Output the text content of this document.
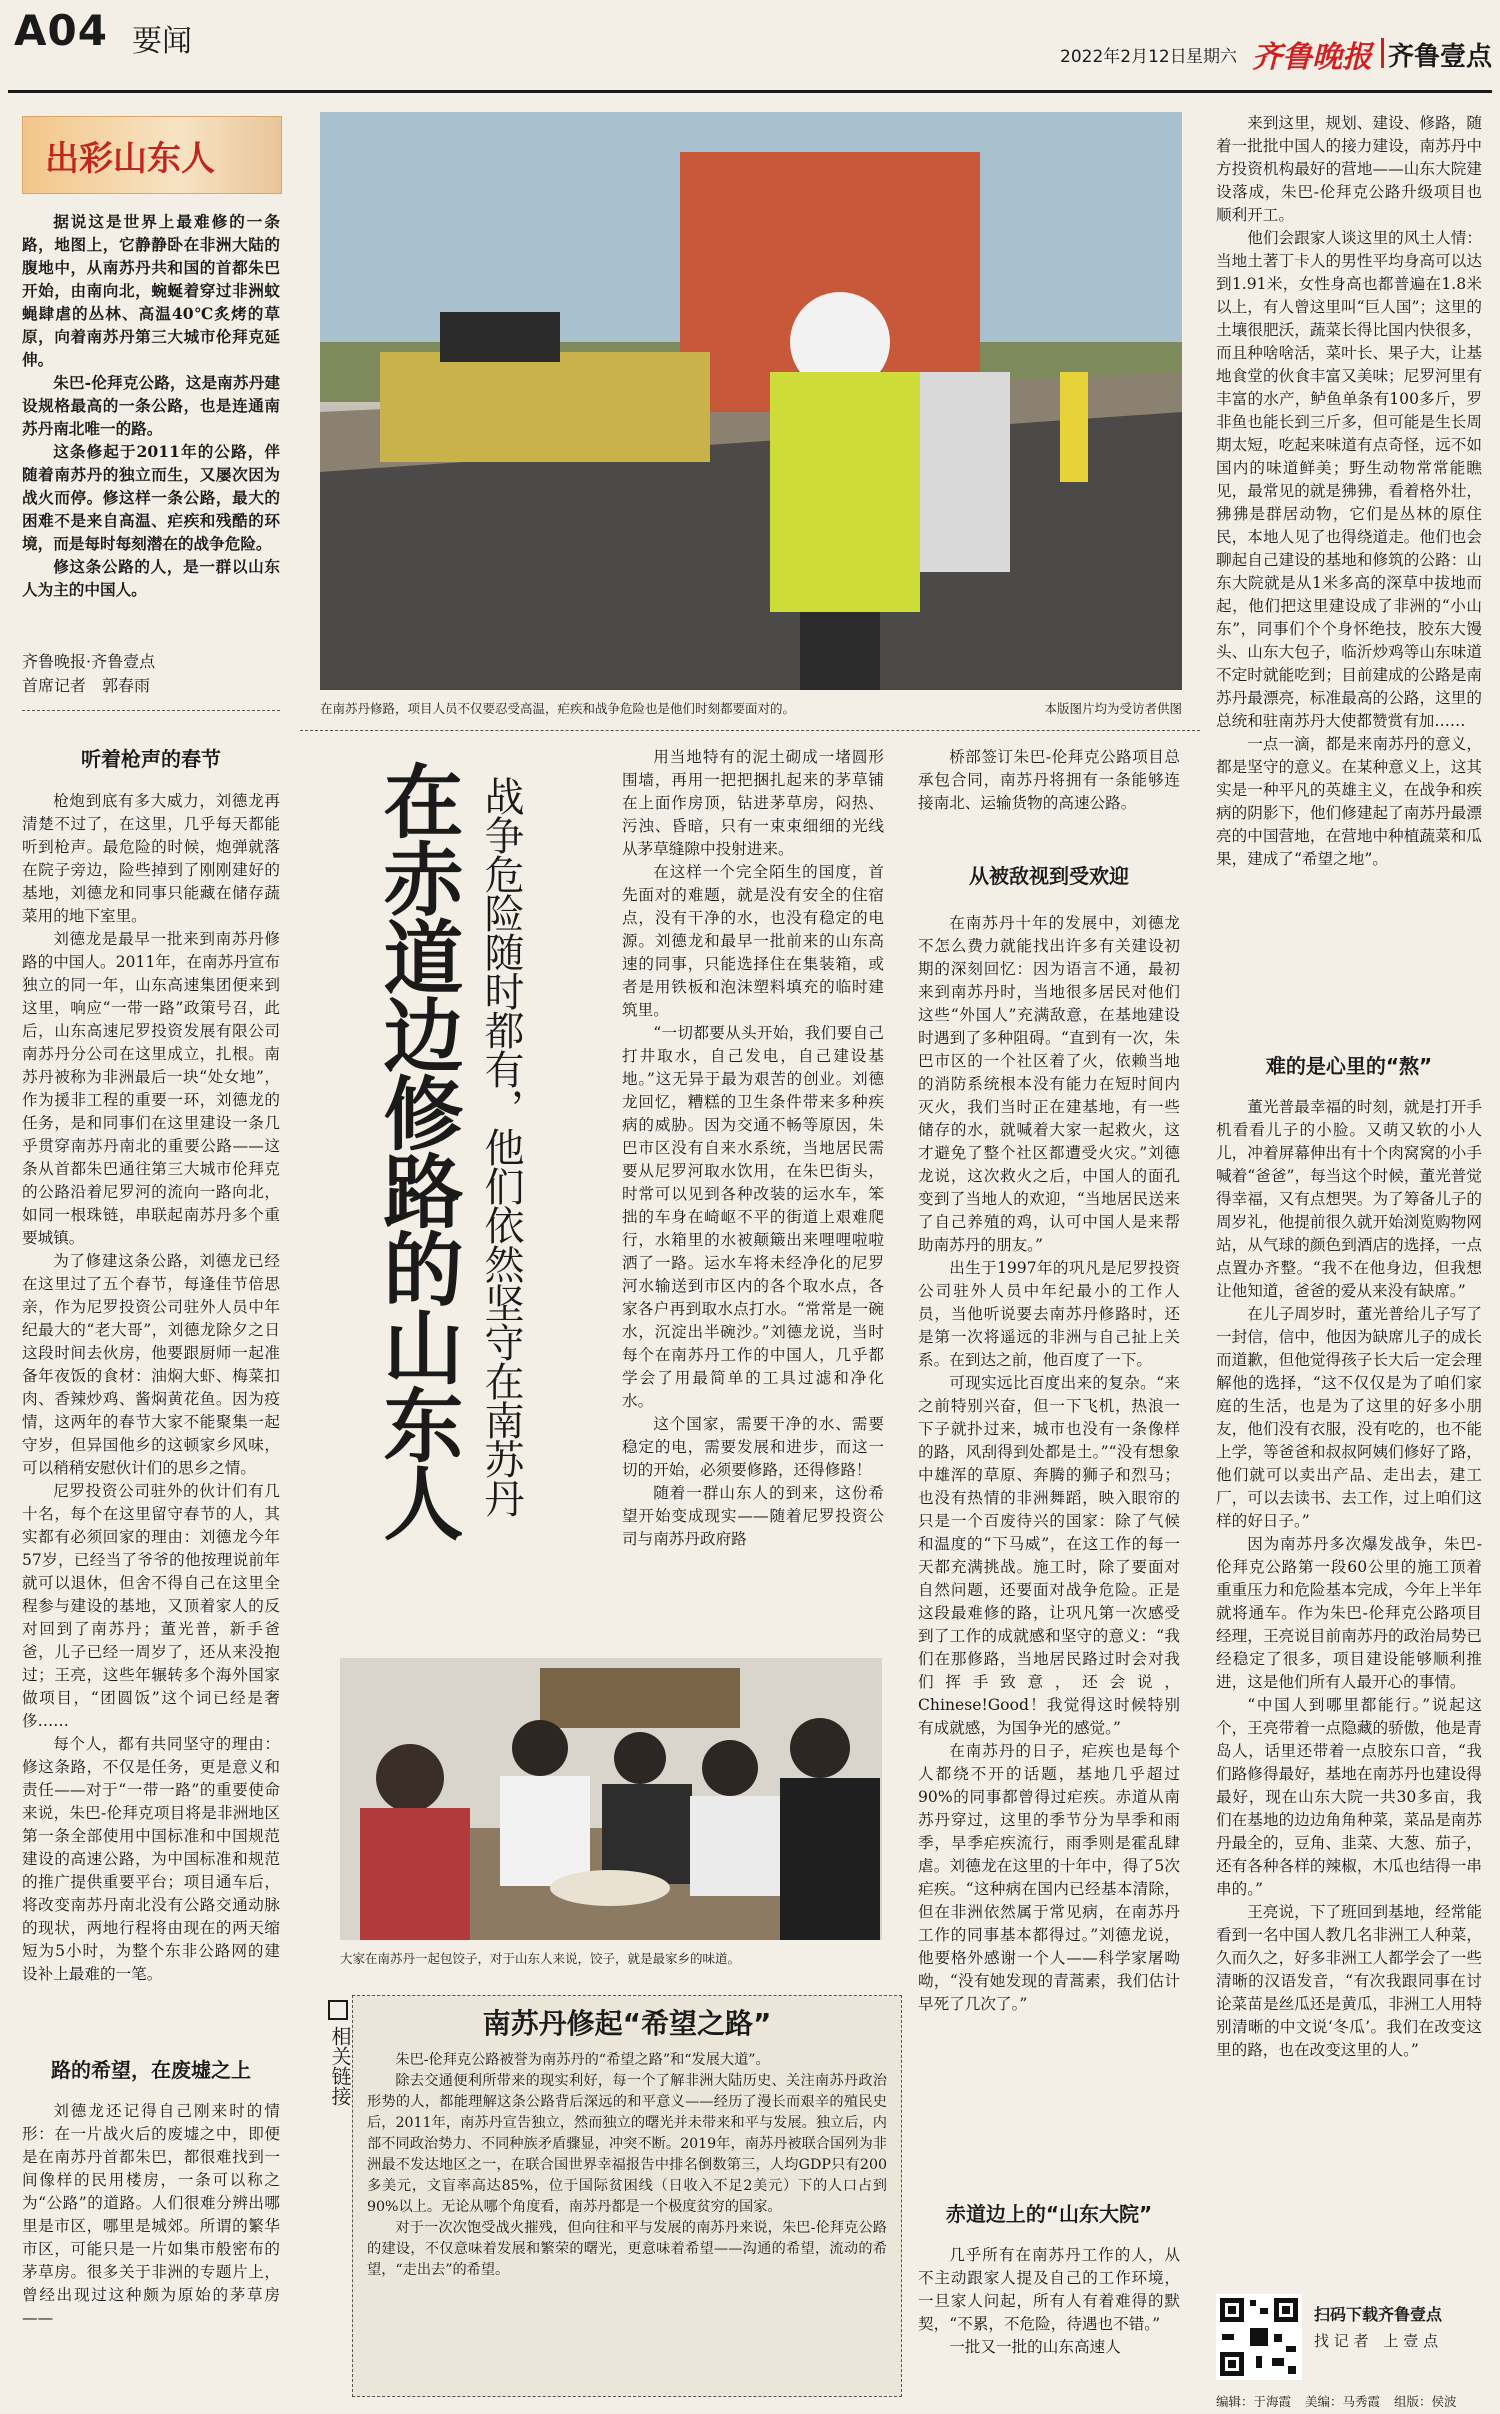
A04 要闻	2022年2月12日 星期六 齐鲁晚报 齐鲁壹点
出彩山东人

据说这是世界上最难修的一条路，地图上，它静静卧在非洲大陆的腹地中，从南苏丹共和国的首都朱巴开始，由南向北，蜿蜒着穿过非洲蚊蝇肆虐的丛林、高温40℃炙烤的草原，向着南苏丹第三大城市伦拜克延伸。

朱巴-伦拜克公路，这是南苏丹建设规格最高的一条公路，也是连通南苏丹南北唯一的路。

这条修起于2011年的公路，伴随着南苏丹的独立而生，又屡次因为战火而停。修这样一条公路，最大的困难不是来自高温、疟疾和残酷的环境，而是每时每刻潜在的战争危险。

修这条公路的人，是一群以山东人为主的中国人。

齐鲁晚报·齐鲁壹点
首席记者　郭春雨
听着枪声的春节

枪炮到底有多大威力，刘德龙再清楚不过了，在这里，几乎每天都能听到枪声。最危险的时候，炮弹就落在院子旁边，险些掉到了刚刚建好的基地，刘德龙和同事只能藏在储存蔬菜用的地下室里。

刘德龙是最早一批来到南苏丹修路的中国人。2011年，在南苏丹宣布独立的同一年，山东高速集团便来到这里，响应“一带一路”政策号召，此后，山东高速尼罗投资发展有限公司南苏丹分公司在这里成立，扎根。南苏丹被称为非洲最后一块“处女地”，作为援非工程的重要一环，刘德龙的任务，是和同事们在这里建设一条几乎贯穿南苏丹南北的重要公路——这条从首都朱巴通往第三大城市伦拜克的公路沿着尼罗河的流向一路向北，如同一根珠链，串联起南苏丹多个重要城镇。

为了修建这条公路，刘德龙已经在这里过了五个春节，每逢佳节倍思亲，作为尼罗投资公司驻外人员中年纪最大的“老大哥”，刘德龙除夕之日这段时间去伙房，他要跟厨师一起准备年夜饭的食材：油焖大虾、梅菜扣肉、香辣炒鸡、酱焖黄花鱼。因为疫情，这两年的春节大家不能聚集一起守岁，但异国他乡的这顿家乡风味，可以稍稍安慰伙计们的思乡之情。

尼罗投资公司驻外的伙计们有几十名，每个在这里留守春节的人，其实都有必须回家的理由：刘德龙今年57岁，已经当了爷爷的他按理说前年就可以退休，但舍不得自己在这里全程参与建设的基地，又顶着家人的反对回到了南苏丹；董光普，新手爸爸，儿子已经一周岁了，还从来没抱过；王亮，这些年辗转多个海外国家做项目，“团圆饭”这个词已经是奢侈……

每个人，都有共同坚守的理由：修这条路，不仅是任务，更是意义和责任——对于“一带一路”的重要使命来说，朱巴-伦拜克项目将是非洲地区第一条全部使用中国标准和中国规范建设的高速公路，为中国标准和规范的推广提供重要平台；项目通车后，将改变南苏丹南北没有公路交通动脉的现状，两地行程将由现在的两天缩短为5小时，为整个东非公路网的建设补上最难的一笔。

路的希望，在废墟之上

刘德龙还记得自己刚来时的情形：在一片战火后的废墟之中，即便是在南苏丹首都朱巴，都很难找到一间像样的民用楼房，一条可以称之为“公路”的道路。人们很难分辨出哪里是市区，哪里是城郊。所谓的繁华市区，可能只是一片如集市般密布的茅草房。很多关于非洲的专题片上，曾经出现过这种颇为原始的茅草房——

在南苏丹修路，项目人员不仅要忍受高温，疟疾和战争危险也是他们时刻都要面对的。	本版图片均为受访者供图
在赤道边修路的山东人 战争危险随时都有，他们依然坚守在南苏丹

用当地特有的泥土砌成一堵圆形围墙，再用一把把捆扎起来的茅草铺在上面作房顶，钻进茅草房，闷热、污浊、昏暗，只有一束束细细的光线从茅草缝隙中投射进来。

在这样一个完全陌生的国度，首先面对的难题，就是没有安全的住宿点，没有干净的水，也没有稳定的电源。刘德龙和最早一批前来的山东高速的同事，只能选择住在集装箱，或者是用铁板和泡沫塑料填充的临时建筑里。

“一切都要从头开始，我们要自己打井取水，自己发电，自己建设基地。”这无异于最为艰苦的创业。刘德龙回忆，糟糕的卫生条件带来多种疾病的威胁。因为交通不畅等原因，朱巴市区没有自来水系统，当地居民需要从尼罗河取水饮用，在朱巴街头，时常可以见到各种改装的运水车，笨拙的车身在崎岖不平的街道上艰难爬行，水箱里的水被颠簸出来哩哩啦啦洒了一路。运水车将未经净化的尼罗河水输送到市区内的各个取水点，各家各户再到取水点打水。“常常是一碗水，沉淀出半碗沙。”刘德龙说，当时每个在南苏丹工作的中国人，几乎都学会了用最简单的工具过滤和净化水。

这个国家，需要干净的水、需要稳定的电，需要发展和进步，而这一切的开始，必须要修路，还得修路！

随着一群山东人的到来，这份希望开始变成现实——随着尼罗投资公司与南苏丹政府路

大家在南苏丹一起包饺子，对于山东人来说，饺子，就是最家乡的味道。
相关链接
南苏丹修起“希望之路”

朱巴-伦拜克公路被誉为南苏丹的“希望之路”和“发展大道”。

除去交通便利所带来的现实利好，每一个了解非洲大陆历史、关注南苏丹政治形势的人，都能理解这条公路背后深远的和平意义——经历了漫长而艰辛的殖民史后，2011年，南苏丹宣告独立，然而独立的曙光并未带来和平与发展。独立后，内部不同政治势力、不同种族矛盾骤显，冲突不断。2019年，南苏丹被联合国列为非洲最不发达地区之一，在联合国世界幸福报告中排名倒数第三，人均GDP只有200多美元，文盲率高达85%，位于国际贫困线（日收入不足2美元）下的人口占到90%以上。无论从哪个角度看，南苏丹都是一个极度贫穷的国家。

对于一次次饱受战火摧残，但向往和平与发展的南苏丹来说，朱巴-伦拜克公路的建设，不仅意味着发展和繁荣的曙光，更意味着希望——沟通的希望，流动的希望，“走出去”的希望。

桥部签订朱巴-伦拜克公路项目总承包合同，南苏丹将拥有一条能够连接南北、运输货物的高速公路。

从被敌视到受欢迎

在南苏丹十年的发展中，刘德龙不怎么费力就能找出许多有关建设初期的深刻回忆：因为语言不通，最初来到南苏丹时，当地很多居民对他们这些“外国人”充满敌意，在基地建设时遇到了多种阻碍。“直到有一次，朱巴市区的一个社区着了火，依赖当地的消防系统根本没有能力在短时间内灭火，我们当时正在建基地，有一些储存的水，就喊着大家一起救火，这才避免了整个社区都遭受火灾。”刘德龙说，这次救火之后，中国人的面孔变到了当地人的欢迎，“当地居民送来了自己养殖的鸡，认可中国人是来帮助南苏丹的朋友。”

出生于1997年的巩凡是尼罗投资公司驻外人员中年纪最小的工作人员，当他听说要去南苏丹修路时，还是第一次将遥远的非洲与自己扯上关系。在到达之前，他百度了一下。

可现实远比百度出来的复杂。“来之前特别兴奋，但一下飞机，热浪一下子就扑过来，城市也没有一条像样的路，风刮得到处都是土。”“没有想象中雄浑的草原、奔腾的狮子和烈马；也没有热情的非洲舞蹈，映入眼帘的只是一个百废待兴的国家：除了气候和温度的“下马威”，在这工作的每一天都充满挑战。施工时，除了要面对自然问题，还要面对战争危险。正是这段最难修的路，让巩凡第一次感受到了工作的成就感和坚守的意义：“我们在那修路，当地居民路过时会对我们挥手致意，还会说，Chinese!Good！我觉得这时候特别有成就感，为国争光的感觉。”

在南苏丹的日子，疟疾也是每个人都绕不开的话题，基地几乎超过90%的同事都曾得过疟疾。赤道从南苏丹穿过，这里的季节分为旱季和雨季，旱季疟疾流行，雨季则是霍乱肆虐。刘德龙在这里的十年中，得了5次疟疾。“这种病在国内已经基本清除，但在非洲依然属于常见病，在南苏丹工作的同事基本都得过。”刘德龙说，他要格外感谢一个人——科学家屠呦呦，“没有她发现的青蒿素，我们估计早死了几次了。”

赤道边上的“山东大院”

几乎所有在南苏丹工作的人，从不主动跟家人提及自己的工作环境，一旦家人问起，所有人有着难得的默契，“不累，不危险，待遇也不错。”

一批又一批的山东高速人

来到这里，规划、建设、修路，随着一批批中国人的接力建设，南苏丹中方投资机构最好的营地——山东大院建设落成，朱巴-伦拜克公路升级项目也顺利开工。

他们会跟家人谈这里的风土人情：当地土著丁卡人的男性平均身高可以达到1.91米，女性身高也都普遍在1.8米以上，有人曾这里叫“巨人国”；这里的土壤很肥沃，蔬菜长得比国内快很多，而且种啥啥活，菜叶长、果子大，让基地食堂的伙食丰富又美味；尼罗河里有丰富的水产，鲈鱼单条有100多斤，罗非鱼也能长到三斤多，但可能是生长周期太短，吃起来味道有点奇怪，远不如国内的味道鲜美；野生动物常常能瞧见，最常见的就是狒狒，看着格外壮，狒狒是群居动物，它们是丛林的原住民，本地人见了也得绕道走。他们也会聊起自己建设的基地和修筑的公路：山东大院就是从1米多高的深草中拔地而起，他们把这里建设成了非洲的“小山东”，同事们个个身怀绝技，胶东大馒头、山东大包子，临沂炒鸡等山东味道不定时就能吃到；目前建成的公路是南苏丹最漂亮，标准最高的公路，这里的总统和驻南苏丹大使都赞赏有加……

一点一滴，都是来南苏丹的意义，都是坚守的意义。在某种意义上，这其实是一种平凡的英雄主义，在战争和疾病的阴影下，他们修建起了南苏丹最漂亮的中国营地，在营地中种植蔬菜和瓜果，建成了“希望之地”。

难的是心里的“熬”

董光普最幸福的时刻，就是打开手机看看儿子的小脸。又萌又软的小人儿，冲着屏幕伸出有十个肉窝窝的小手喊着“爸爸”，每当这个时候，董光普觉得幸福，又有点想哭。为了筹备儿子的周岁礼，他提前很久就开始浏览购物网站，从气球的颜色到酒店的选择，一点点置办齐整。“我不在他身边，但我想让他知道，爸爸的爱从来没有缺席。”

在儿子周岁时，董光普给儿子写了一封信，信中，他因为缺席儿子的成长而道歉，但他觉得孩子长大后一定会理解他的选择，“这不仅仅是为了咱们家庭的生活，也是为了这里的好多小朋友，他们没有衣服，没有吃的，也不能上学，等爸爸和叔叔阿姨们修好了路，他们就可以卖出产品、走出去，建工厂，可以去读书、去工作，过上咱们这样的好日子。”

因为南苏丹多次爆发战争，朱巴-伦拜克公路第一段60公里的施工顶着重重压力和危险基本完成，今年上半年就将通车。作为朱巴-伦拜克公路项目经理，王亮说目前南苏丹的政治局势已经稳定了很多，项目建设能够顺利推进，这是他们所有人最开心的事情。

“中国人到哪里都能行。”说起这个，王亮带着一点隐藏的骄傲，他是青岛人，话里还带着一点胶东口音，“我们路修得最好，基地在南苏丹也建设得最好，现在山东大院一共30多亩，我们在基地的边边角角种菜，菜品是南苏丹最全的，豆角、韭菜、大葱、茄子，还有各种各样的辣椒，木瓜也结得一串串的。”

王亮说，下了班回到基地，经常能看到一名中国人教几名非洲工人种菜，久而久之，好多非洲工人都学会了一些清晰的汉语发音，“有次我跟同事在讨论菜苗是丝瓜还是黄瓜，非洲工人用特别清晰的中文说‘冬瓜’。我们在改变这里的路，也在改变这里的人。”

扫码下载齐鲁壹点
找 记 者　上 壹 点
编辑：于海霞 美编：马秀霞 组版：侯波
